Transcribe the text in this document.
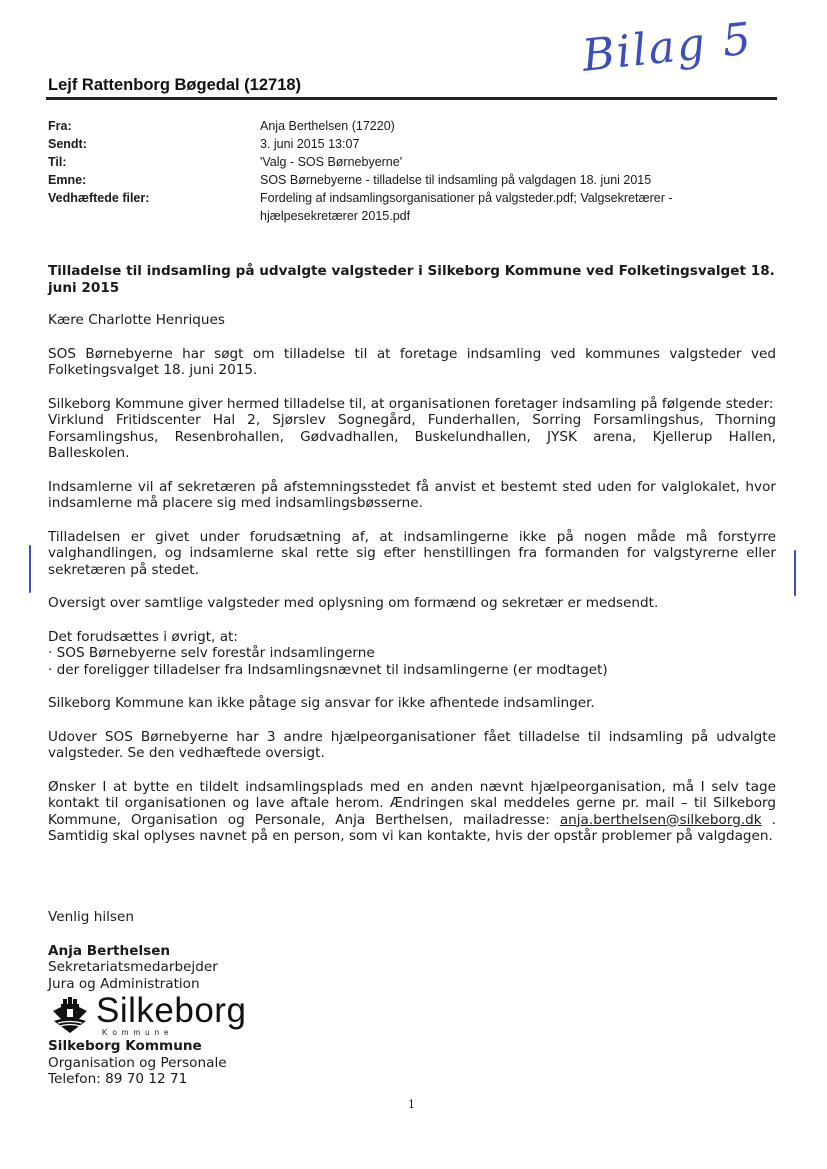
Bilag 5
Lejf Rattenborg Bøgedal (12718)
Fra:	Anja Berthelsen (17220)
Sendt:	3. juni 2015 13:07
Til:	'Valg - SOS Børnebyerne'
Emne:	SOS Børnebyerne - tilladelse til indsamling på valgdagen 18. juni 2015
Vedhæftede filer:	Fordeling af indsamlingsorganisationer på valgsteder.pdf; Valgsekretærer - hjælpesekretærer 2015.pdf
Tilladelse til indsamling på udvalgte valgsteder i Silkeborg Kommune ved Folketingsvalget 18. juni 2015

Kære Charlotte Henriques

SOS Børnebyerne har søgt om tilladelse til at foretage indsamling ved kommunes valgsteder ved Folketingsvalget 18. juni 2015.

Silkeborg Kommune giver hermed tilladelse til, at organisationen foretager indsamling på følgende steder:

Virklund Fritidscenter Hal 2, Sjørslev Sognegård, Funderhallen, Sorring Forsamlingshus, Thorning Forsamlingshus, Resenbrohallen, Gødvadhallen, Buskelundhallen, JYSK arena, Kjellerup Hallen, Balleskolen.

Indsamlerne vil af sekretæren på afstemningsstedet få anvist et bestemt sted uden for valglokalet, hvor indsamlerne må placere sig med indsamlingsbøsserne.

Tilladelsen er givet under forudsætning af, at indsamlingerne ikke på nogen måde må forstyrre valghandlingen, og indsamlerne skal rette sig efter henstillingen fra formanden for valgstyrerne eller sekretæren på stedet.

Oversigt over samtlige valgsteder med oplysning om formænd og sekretær er medsendt.

Det forudsættes i øvrigt, at:

· SOS Børnebyerne selv forestår indsamlingerne

· der foreligger tilladelser fra Indsamlingsnævnet til indsamlingerne (er modtaget)

Silkeborg Kommune kan ikke påtage sig ansvar for ikke afhentede indsamlinger.

Udover SOS Børnebyerne har 3 andre hjælpeorganisationer fået tilladelse til indsamling på udvalgte valgsteder. Se den vedhæftede oversigt.

Ønsker I at bytte en tildelt indsamlingsplads med en anden nævnt hjælpeorganisation, må I selv tage kontakt til organisationen og lave aftale herom. Ændringen skal meddeles gerne pr. mail – til Silkeborg Kommune, Organisation og Personale, Anja Berthelsen, mailadresse: anja.berthelsen@silkeborg.dk . Samtidig skal oplyses navnet på en person, som vi kan kontakte, hvis der opstår problemer på valgdagen.

Venlig hilsen

Anja Berthelsen

Sekretariatsmedarbejder

Jura og Administration

Silkeborg
Kommune

Silkeborg Kommune

Organisation og Personale

Telefon: 89 70 12 71

1
